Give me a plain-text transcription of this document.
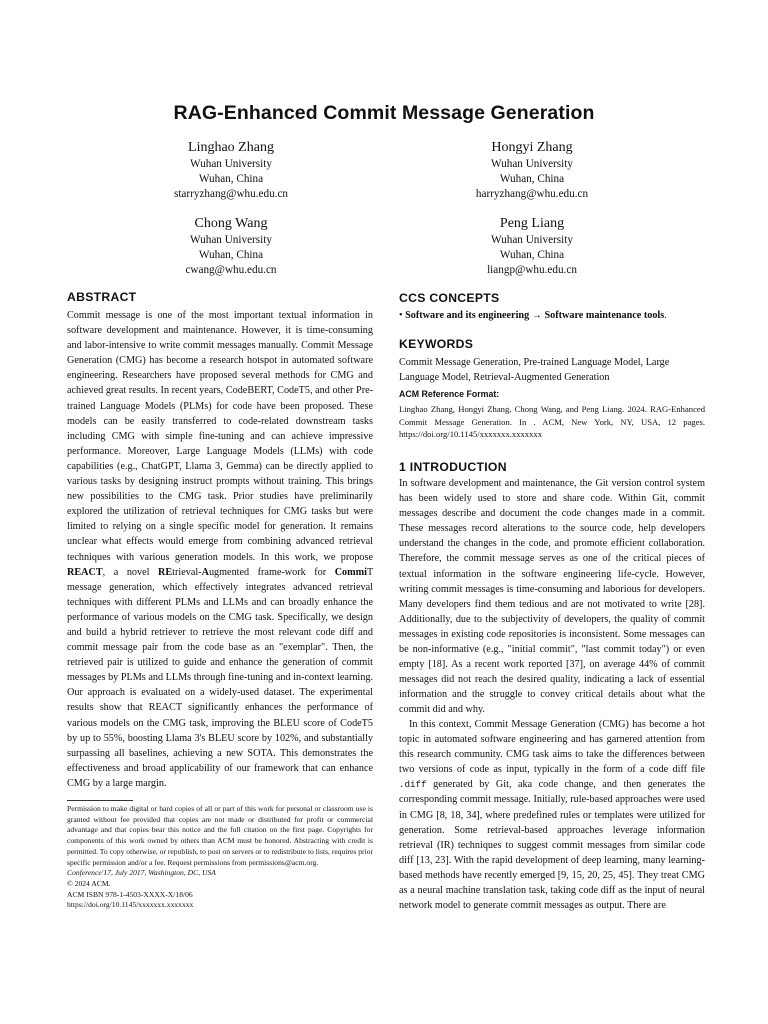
RAG-Enhanced Commit Message Generation
Linghao Zhang
Wuhan University
Wuhan, China
starryzhang@whu.edu.cn
Hongyi Zhang
Wuhan University
Wuhan, China
harryzhang@whu.edu.cn
Chong Wang
Wuhan University
Wuhan, China
cwang@whu.edu.cn
Peng Liang
Wuhan University
Wuhan, China
liangp@whu.edu.cn
ABSTRACT

Commit message is one of the most important textual information in software development and maintenance. However, it is time-consuming and labor-intensive to write commit messages manually. Commit Message Generation (CMG) has become a research hotspot in automated software engineering. Researchers have proposed several methods for CMG and achieved great results. In recent years, CodeBERT, CodeT5, and other Pre-trained Language Models (PLMs) for code have been proposed. These models can be easily transferred to code-related downstream tasks including CMG with simple fine-tuning and can achieve impressive performance. Moreover, Large Language Models (LLMs) with code capabilities (e.g., ChatGPT, Llama 3, Gemma) can be directly applied to various tasks by designing instruct prompts without training. This brings new possibilities to the CMG task. Prior studies have preliminarily explored the utilization of retrieval techniques for CMG tasks but were limited to relying on a single specific model for generation. It remains unclear what effects would emerge from combining advanced retrieval techniques with various generation models. In this work, we propose REACT, a novel REtrieval-Augmented frame-work for CommiT message generation, which effectively integrates advanced retrieval techniques with different PLMs and LLMs and can broadly enhance the performance of various models on the CMG task. Specifically, we design and build a hybrid retriever to retrieve the most relevant code diff and commit message pair from the code base as an "exemplar". Then, the retrieved pair is utilized to guide and enhance the generation of commit messages by PLMs and LLMs through fine-tuning and in-context learning. Our approach is evaluated on a widely-used dataset. The experimental results show that REACT significantly enhances the performance of various models on the CMG task, improving the BLEU score of CodeT5 by up to 55%, boosting Llama 3's BLEU score by 102%, and substantially surpassing all baselines, achieving a new SOTA. This demonstrates the effectiveness and broad applicability of our framework that can enhance CMG by a large margin.

Permission to make digital or hard copies of all or part of this work for personal or classroom use is granted without fee provided that copies are not made or distributed for profit or commercial advantage and that copies bear this notice and the full citation on the first page. Copyrights for components of this work owned by others than ACM must be honored. Abstracting with credit is permitted. To copy otherwise, or republish, to post on servers or to redistribute to lists, requires prior specific permission and/or a fee. Request permissions from permissions@acm.org.
Conference'17, July 2017, Washington, DC, USA
© 2024 ACM.
ACM ISBN 978-1-4503-XXXX-X/18/06
https://doi.org/10.1145/xxxxxxx.xxxxxxx

CCS CONCEPTS

• Software and its engineering → Software maintenance tools.

KEYWORDS

Commit Message Generation, Pre-trained Language Model, Large Language Model, Retrieval-Augmented Generation

ACM Reference Format:

Linghao Zhang, Hongyi Zhang, Chong Wang, and Peng Liang. 2024. RAG-Enhanced Commit Message Generation. In . ACM, New York, NY, USA, 12 pages. https://doi.org/10.1145/xxxxxxx.xxxxxxx

1 INTRODUCTION

In software development and maintenance, the Git version control system has been widely used to store and share code. Within Git, commit messages describe and document the code changes made in a commit. These messages record alterations to the source code, help developers understand the changes in the code, and promote efficient collaboration. Therefore, the commit message serves as one of the critical pieces of textual information in the software engineering life-cycle. However, writing commit messages is time-consuming and laborious for developers. Many developers find them tedious and are not motivated to write [28]. Additionally, due to the subjectivity of developers, the quality of commit messages in existing code repositories is inconsistent. Some messages can be non-informative (e.g., "initial commit", "last commit today") or even empty [18]. As a recent work reported [37], on average 44% of commit messages did not reach the desired quality, indicating a lack of essential information and the struggle to convey critical details about what the commit did and why.

In this context, Commit Message Generation (CMG) has become a hot topic in automated software engineering and has garnered attention from this research community. CMG task aims to take the differences between two versions of code as input, typically in the form of a code diff file .diff generated by Git, aka code change, and then generates the corresponding commit message. Initially, rule-based approaches were used in CMG [8, 18, 34], where predefined rules or templates were utilized for generation. Some retrieval-based approaches leverage information retrieval (IR) techniques to suggest commit messages from similar code diff [13, 23]. With the rapid development of deep learning, many learning-based methods have recently emerged [9, 15, 20, 25, 45]. They treat CMG as a neural machine translation task, taking code diff as the input of neural network model to generate commit messages as output. There are
